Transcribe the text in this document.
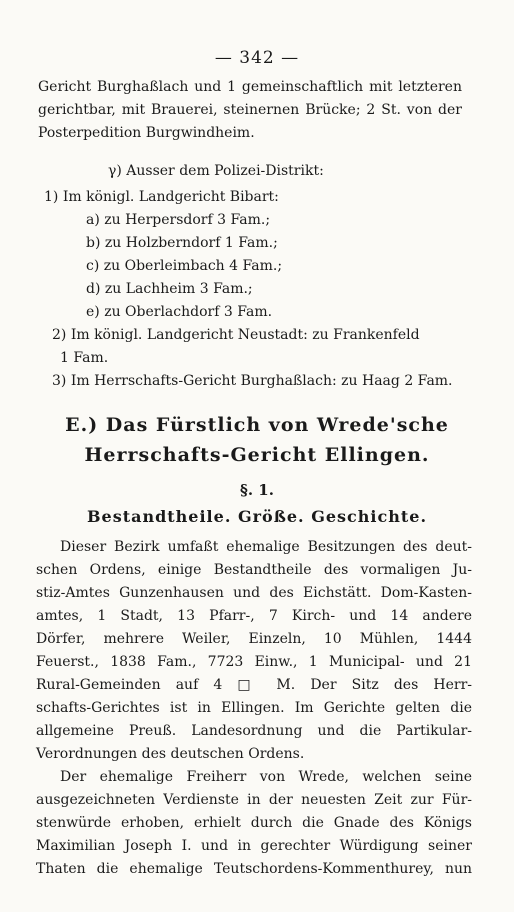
— 342 —
Gericht Burghaßlach und 1 gemeinschaftlich mit letzteren
gerichtbar, mit Brauerei, steinernen Brücke; 2 St. von der
Posterpedition Burgwindheim.
γ) Ausser dem Polizei-Distrikt:
1) Im königl. Landgericht Bibart:
a) zu Herpersdorf 3 Fam.;
b) zu Holzberndorf 1 Fam.;
c) zu Oberleimbach 4 Fam.;
d) zu Lachheim 3 Fam.;
e) zu Oberlachdorf 3 Fam.
2) Im königl. Landgericht Neustadt: zu Frankenfeld
1 Fam.
3) Im Herrschafts-Gericht Burghaßlach: zu Haag 2 Fam.
E.) Das Fürstlich von Wrede'sche
Herrschafts-Gericht Ellingen.
§. 1.
Bestandtheile. Größe. Geschichte.
Dieser Bezirk umfaßt ehemalige Besitzungen des deut-
schen Ordens, einige Bestandtheile des vormaligen Ju-
stiz-Amtes Gunzenhausen und des Eichstätt. Dom-Kasten-
amtes, 1 Stadt, 13 Pfarr-, 7 Kirch- und 14 andere
Dörfer, mehrere Weiler, Einzeln, 10 Mühlen, 1444
Feuerst., 1838 Fam., 7723 Einw., 1 Municipal- und 21
Rural-Gemeinden auf 4 □ M. Der Sitz des Herr-
schafts-Gerichtes ist in Ellingen. Im Gerichte gelten die
allgemeine Preuß. Landesordnung und die Partikular-
Verordnungen des deutschen Ordens.
Der ehemalige Freiherr von Wrede, welchen seine
ausgezeichneten Verdienste in der neuesten Zeit zur Für-
stenwürde erhoben, erhielt durch die Gnade des Königs
Maximilian Joseph I. und in gerechter Würdigung seiner
Thaten die ehemalige Teutschordens-Kommenthurey, nun
